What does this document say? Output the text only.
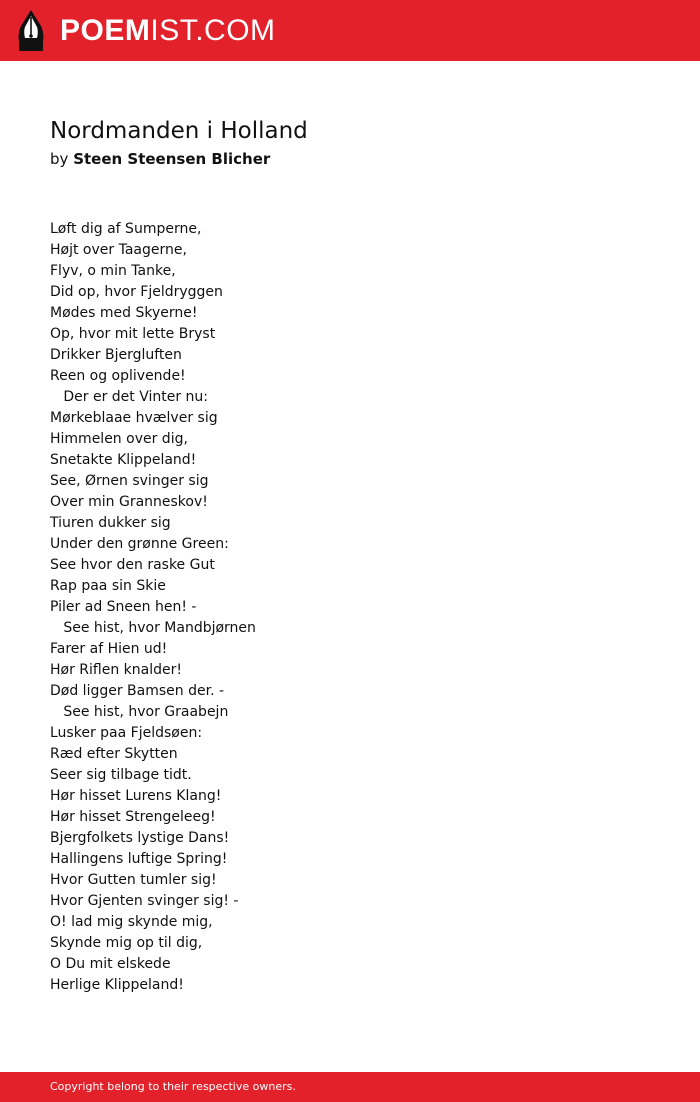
POEMIST.COM
Nordmanden i Holland
by Steen Steensen Blicher
Løft dig af Sumperne,
Højt over Taagerne,
Flyv, o min Tanke,
Did op, hvor Fjeldryggen
Mødes med Skyerne!
Op, hvor mit lette Bryst
Drikker Bjergluften
Reen og oplivende!
Der er det Vinter nu:
Mørkeblaae hvælver sig
Himmelen over dig,
Snetakte Klippeland!
See, Ørnen svinger sig
Over min Granneskov!
Tiuren dukker sig
Under den grønne Green:
See hvor den raske Gut
Rap paa sin Skie
Piler ad Sneen hen! -
See hist, hvor Mandbjørnen
Farer af Hien ud!
Hør Riflen knalder!
Død ligger Bamsen der. -
See hist, hvor Graabejn
Lusker paa Fjeldsøen:
Ræd efter Skytten
Seer sig tilbage tidt.
Hør hisset Lurens Klang!
Hør hisset Strengeleeg!
Bjergfolkets lystige Dans!
Hallingens luftige Spring!
Hvor Gutten tumler sig!
Hvor Gjenten svinger sig! -
O! lad mig skynde mig,
Skynde mig op til dig,
O Du mit elskede
Herlige Klippeland!
Copyright belong to their respective owners.
